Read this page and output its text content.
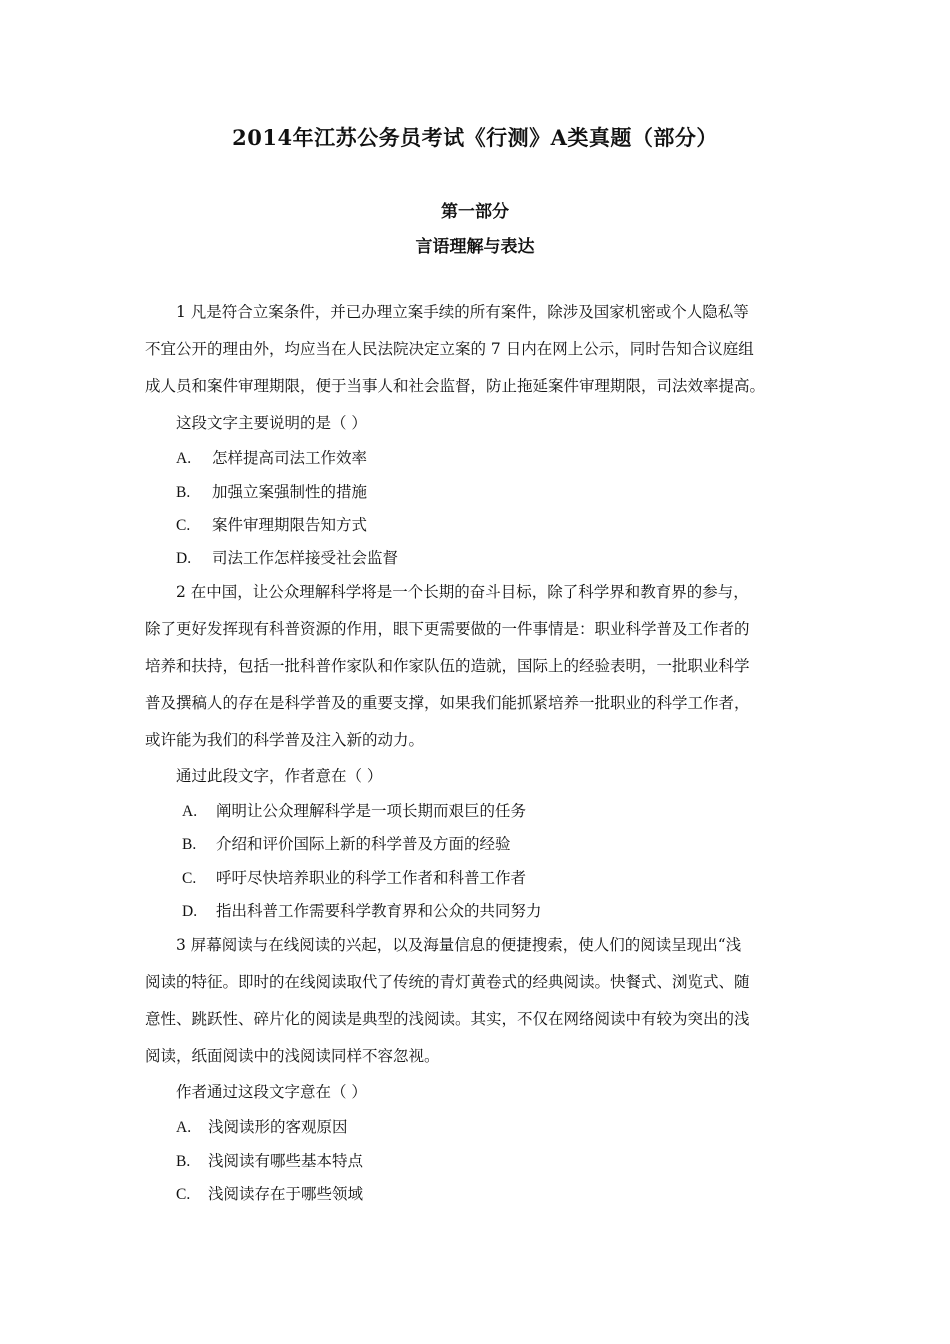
2014年江苏公务员考试《行测》A类真题（部分）
第一部分
言语理解与表达
1 凡是符合立案条件，并已办理立案手续的所有案件，除涉及国家机密或个人隐私等
不宜公开的理由外，均应当在人民法院决定立案的 7 日内在网上公示，同时告知合议庭组
成人员和案件审理期限，便于当事人和社会监督，防止拖延案件审理期限，司法效率提高。
这段文字主要说明的是（ ）
A. 怎样提高司法工作效率
B. 加强立案强制性的措施
C. 案件审理期限告知方式
D. 司法工作怎样接受社会监督
2 在中国，让公众理解科学将是一个长期的奋斗目标，除了科学界和教育界的参与，
除了更好发挥现有科普资源的作用，眼下更需要做的一件事情是：职业科学普及工作者的
培养和扶持，包括一批科普作家队和作家队伍的造就，国际上的经验表明，一批职业科学
普及撰稿人的存在是科学普及的重要支撑，如果我们能抓紧培养一批职业的科学工作者，
或许能为我们的科学普及注入新的动力。
通过此段文字，作者意在（ ）
A. 阐明让公众理解科学是一项长期而艰巨的任务
B. 介绍和评价国际上新的科学普及方面的经验
C. 呼吁尽快培养职业的科学工作者和科普工作者
D. 指出科普工作需要科学教育界和公众的共同努力
3 屏幕阅读与在线阅读的兴起，以及海量信息的便捷搜索，使人们的阅读呈现出“浅
阅读的特征。即时的在线阅读取代了传统的青灯黄卷式的经典阅读。快餐式、浏览式、随
意性、跳跃性、碎片化的阅读是典型的浅阅读。其实，不仅在网络阅读中有较为突出的浅
阅读，纸面阅读中的浅阅读同样不容忽视。
作者通过这段文字意在（ ）
A. 浅阅读形的客观原因
B. 浅阅读有哪些基本特点
C. 浅阅读存在于哪些领域
